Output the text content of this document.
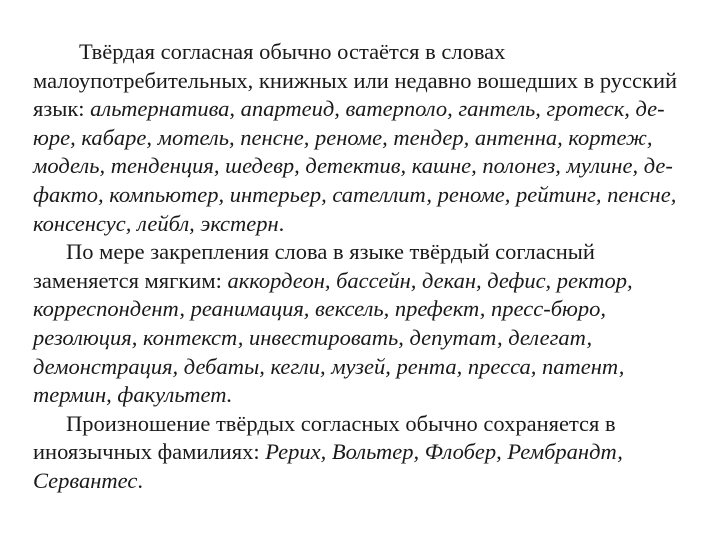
Твёрдая согласная обычно остаётся в словах малоупотребительных, книжных или недавно вошедших в русский язык: альтернатива, апартеид, ватерполо, гантель, гротеск, де-юре, кабаре, мотель, пенсне, реноме, тендер, антенна, кортеж, модель, тенденция, шедевр, детектив, кашне, полонез, мулине, де-факто, компьютер, интерьер, сателлит, реноме, рейтинг, пенсне, консенсус, лейбл, экстерн.

По мере закрепления слова в языке твёрдый согласный заменяется мягким: аккордеон, бассейн, декан, дефис, ректор, корреспондент, реанимация, вексель, префект, пресс-бюро, резолюция, контекст, инвестировать, депутат, делегат, демонстрация, дебаты, кегли, музей, рента, пресса, патент, термин, факультет.

Произношение твёрдых согласных обычно сохраняется в иноязычных фамилиях: Рерих, Вольтер, Флобер, Рембрандт, Сервантес.
